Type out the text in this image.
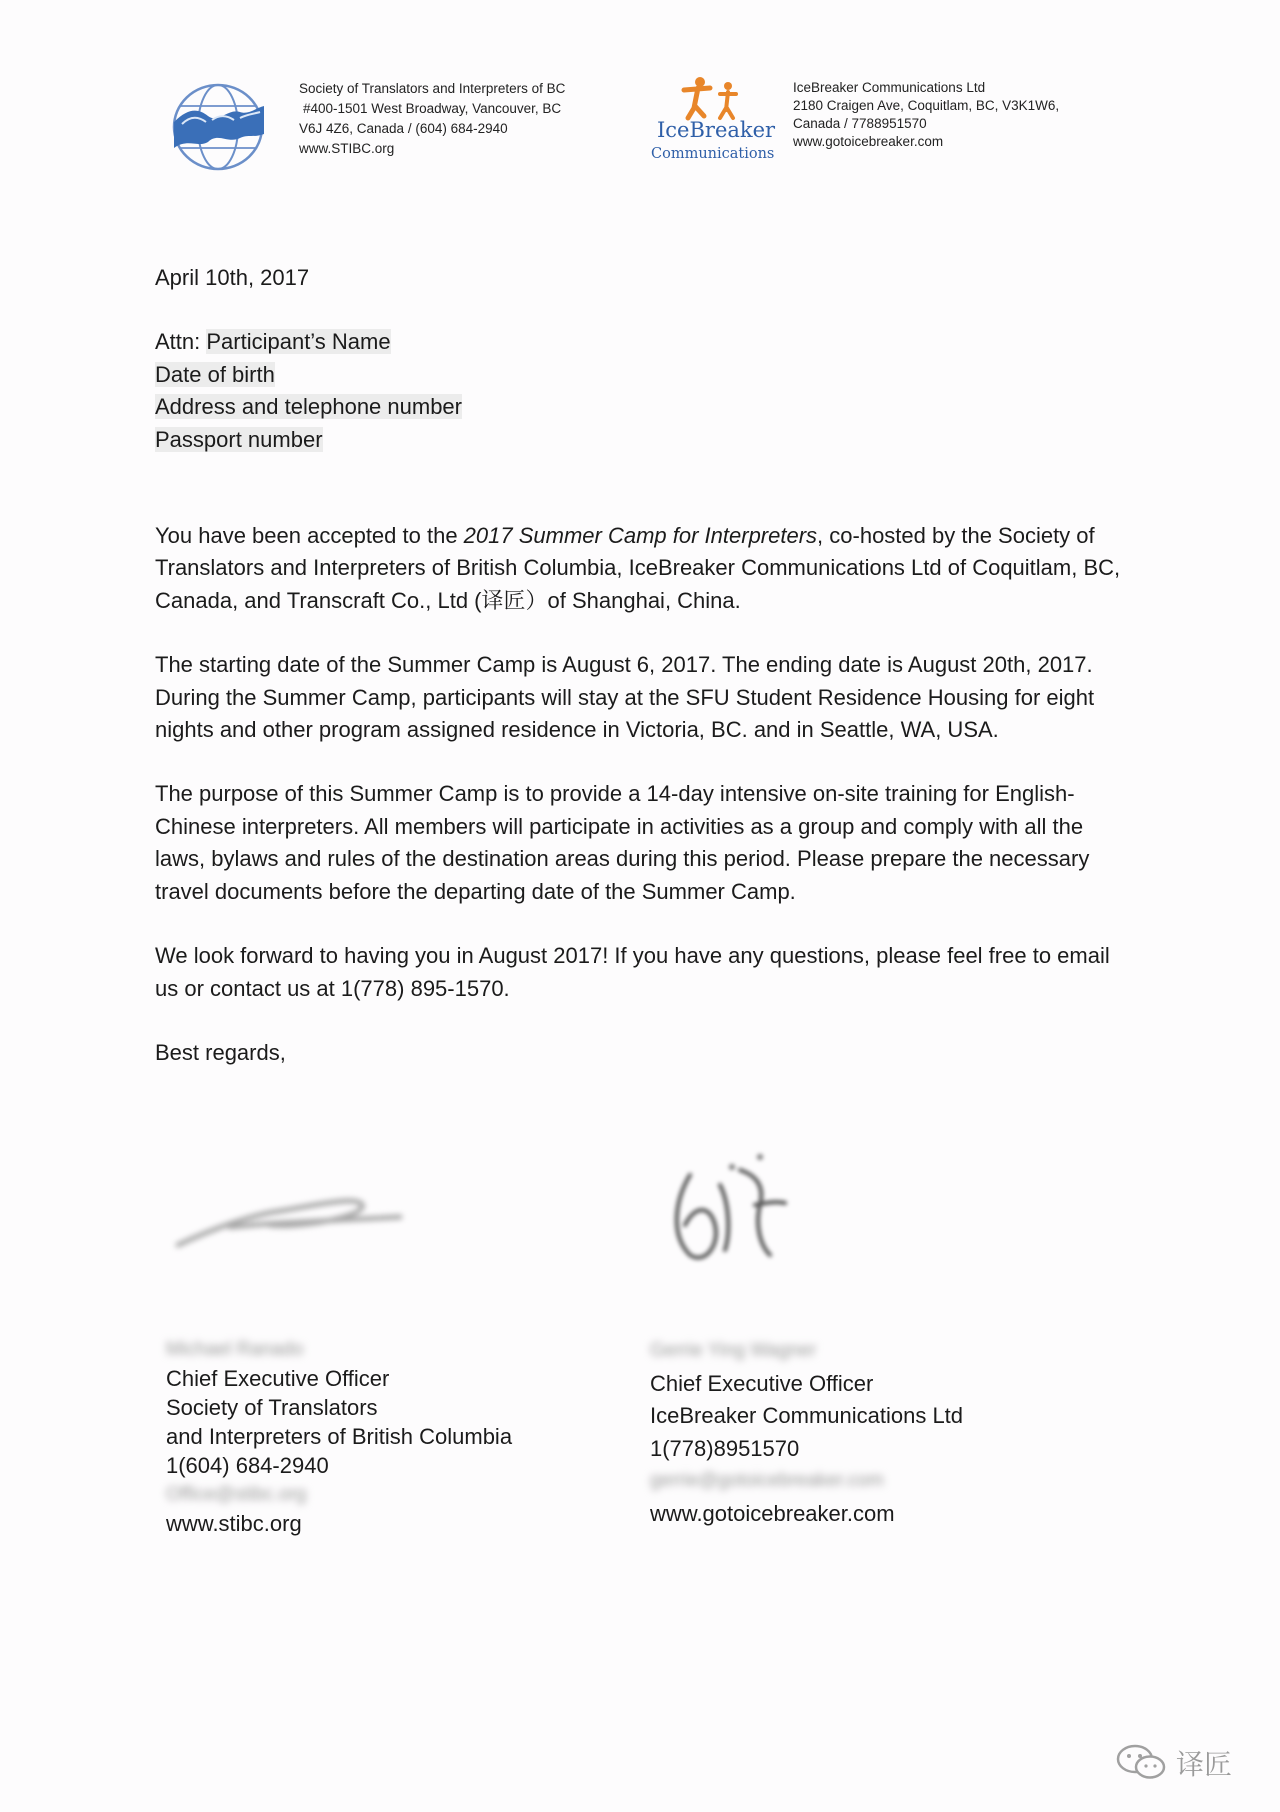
Society of Translators and Interpreters of BC
#400-1501 West Broadway, Vancouver, BC
V6J 4Z6, Canada / (604) 684-2940
www.STIBC.org
IceBreaker
Communications
IceBreaker Communications Ltd
2180 Craigen Ave, Coquitlam, BC, V3K1W6,
Canada / 7788951570
www.gotoicebreaker.com

April 10th, 2017

Attn: Participant’s Name
Date of birth
Address and telephone number
Passport number

You have been accepted to the 2017 Summer Camp for Interpreters, co-hosted by the Society of Translators and Interpreters of British Columbia, IceBreaker Communications Ltd of Coquitlam, BC, Canada, and Transcraft Co., Ltd (译匠）of Shanghai, China.

The starting date of the Summer Camp is August 6, 2017. The ending date is August 20th, 2017. During the Summer Camp, participants will stay at the SFU Student Residence Housing for eight nights and other program assigned residence in Victoria, BC. and in Seattle, WA, USA.

The purpose of this Summer Camp is to provide a 14-day intensive on-site training for English-Chinese interpreters. All members will participate in activities as a group and comply with all the laws, bylaws and rules of the destination areas during this period. Please prepare the necessary travel documents before the departing date of the Summer Camp.

We look forward to having you in August 2017! If you have any questions, please feel free to email us or contact us at 1(778) 895-1570.

Best regards,

Michael Ranado
Chief Executive Officer
Society of Translators
and Interpreters of British Columbia
1(604) 684-2940
Office@stibc.org
www.stibc.org
Gerrie Ying Wagner
Chief Executive Officer
IceBreaker Communications Ltd
1(778)8951570
gerrie@gotoicebreaker.com
www.gotoicebreaker.com
译匠
